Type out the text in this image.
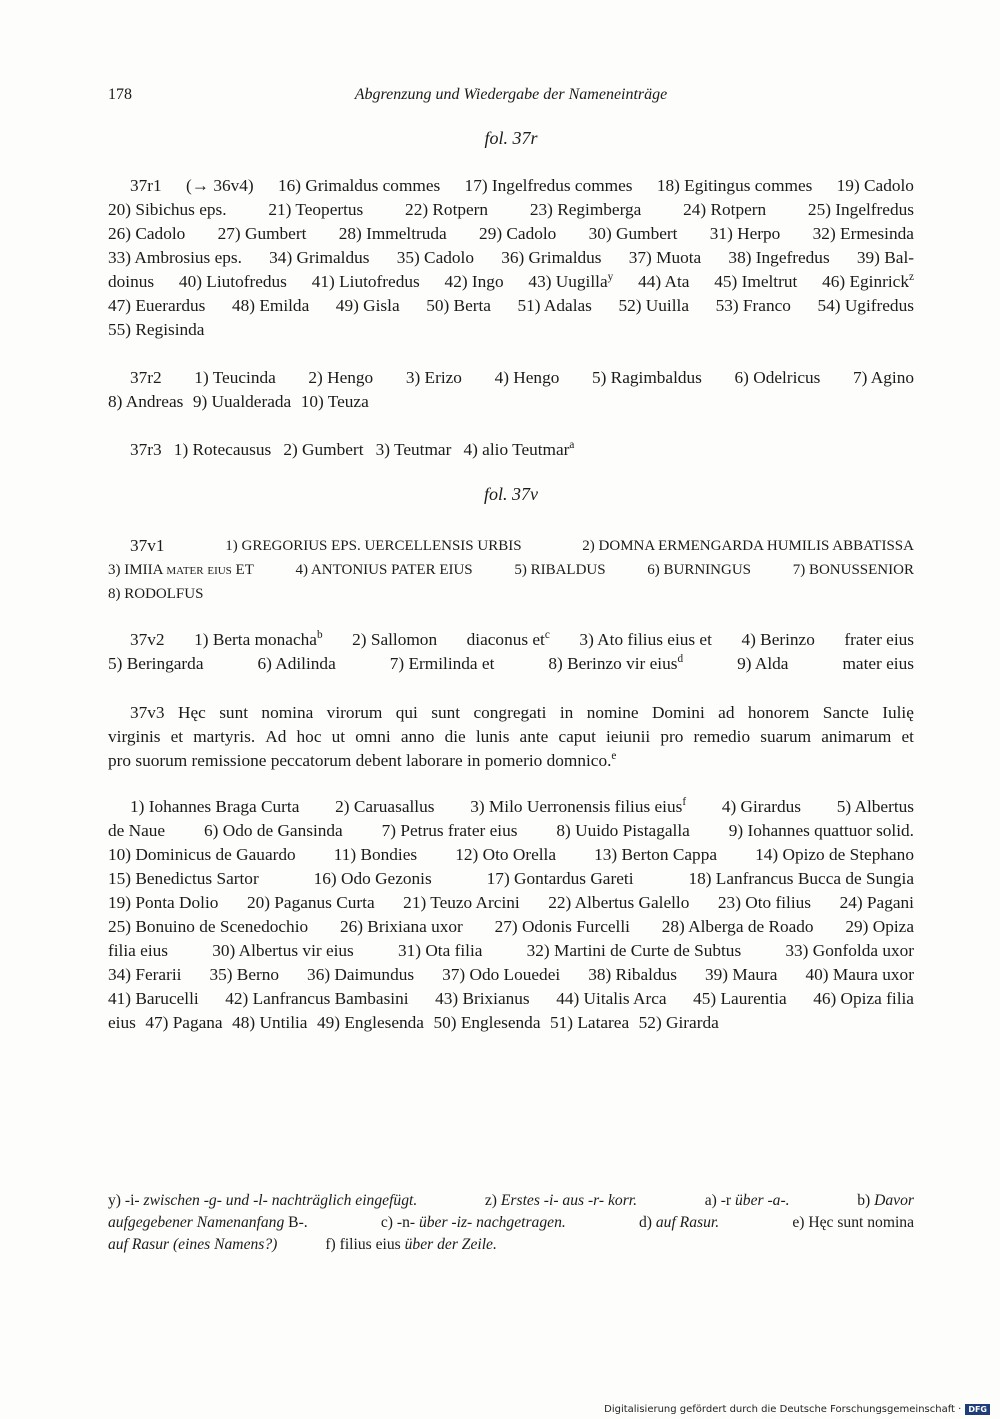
178	Abgrenzung und Wiedergabe der Nameneinträge
fol. 37r
37r1 (→ 36v4) 16) Grimaldus commes 17) Ingelfredus commes 18) Egitingus commes 19) Cadolo
20) Sibichus eps. 21) Teopertus 22) Rotpern 23) Regimberga 24) Rotpern 25) Ingelfredus
26) Cadolo 27) Gumbert 28) Immeltruda 29) Cadolo 30) Gumbert 31) Herpo 32) Ermesinda
33) Ambrosius eps. 34) Grimaldus 35) Cadolo 36) Grimaldus 37) Muota 38) Ingefredus 39) Bal-
doinus 40) Liutofredus 41) Liutofredus 42) Ingo 43) Uugilla$^y$ 44) Ata 45) Imeltrut 46) Eginrick$^z$
47) Euerardus 48) Emilda 49) Gisla 50) Berta 51) Adalas 52) Uuilla 53) Franco 54) Ugifredus
55) Regisinda
37r2 1) Teucinda 2) Hengo 3) Erizo 4) Hengo 5) Ragimbaldus 6) Odelricus 7) Agino
8) Andreas 9) Uualderada 10) Teuza
37r3 1) Rotecausus 2) Gumbert 3) Teutmar 4) alio Teutmar$^a$
fol. 37v
37v1	1) GREGORIUS EPS. UERCELLENSIS URBIS	2) DOMNA ERMENGARDA HUMILIS ABBATISSA
3) IMIIA mater eius ET	4) ANTONIUS PATER EIUS	5) RIBALDUS	6) BURNINGUS	7) BONUSSENIOR
8) RODOLFUS
37v2 1) Berta monacha$^b$ 2) Sallomon diaconus $et^c$ 3) Ato filius eius et 4) Berinzo frater eius
5) Beringarda	6) Adilinda	7) Ermilinda et	8) Berinzo vir eius$^d$	9) Alda	mater eius
37v3 Hęc sunt nomina virorum qui sunt congregati in nomine Domini ad honorem Sancte Iulię
virginis et martyris. Ad hoc ut omni anno die lunis ante caput ieiunii pro remedio suarum animarum et
pro suorum remissione peccatorum debent laborare in pomerio domnico.$^e$
1) Iohannes Braga Curta 2) Caruasallus 3) Milo Uerronensis filius eius$^f$ 4) Girardus 5) Albertus
de Naue 6) Odo de Gansinda 7) Petrus frater eius 8) Uuido Pistagalla 9) Iohannes quattuor solid.
10) Dominicus de Gauardo 11) Bondies 12) Oto Orella 13) Berton Cappa 14) Opizo de Stephano
15) Benedictus Sartor	16) Odo Gezonis	17) Gontardus Gareti	18) Lanfrancus Bucca de Sungia
19) Ponta Dolio 20) Paganus Curta 21) Teuzo Arcini 22) Albertus Galello 23) Oto filius 24) Pagani
25) Bonuino de Scenedochio 26) Brixiana uxor 27) Odonis Furcelli 28) Alberga de Roado 29) Opiza
filia eius	30) Albertus vir eius	31) Ota filia	32) Martini de Curte de Subtus	33) Gonfolda uxor
34) Ferarii 35) Berno 36) Daimundus 37) Odo Louedei 38) Ribaldus 39) Maura 40) Maura uxor
41) Barucelli 42) Lanfrancus Bambasini 43) Brixianus 44) Uitalis Arca 45) Laurentia 46) Opiza filia
eius 47) Pagana 48) Untilia 49) Englesenda 50) Englesenda 51) Latarea 52) Girarda
y) -i- zwischen -g- und -l- nachträglich eingefügt.	z) Erstes -i- aus -r- korr.	a) -r über -a-.	b) Davor
aufgegebener Namenanfang B-.	c) -n- über -iz- nachgetragen.	d) auf Rasur.	e) Hęc sunt nomina
auf Rasur (eines Namens?)	f) filius eius über der Zeile.
Digitalisierung gefördert durch die Deutsche Forschungsgemeinschaft · DFG
